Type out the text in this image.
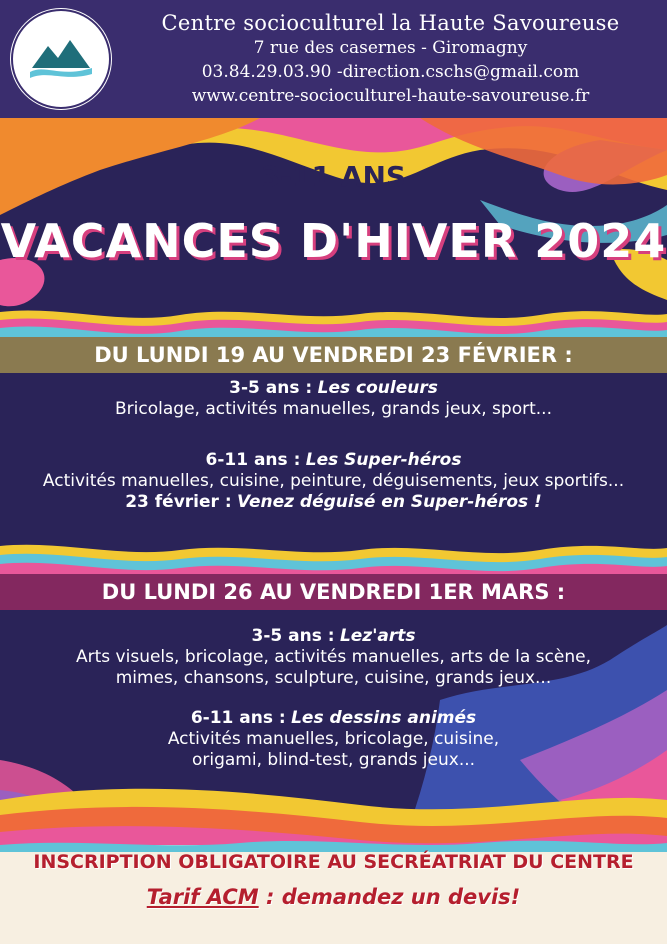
Centre socioculturel la Haute Savoureuse
7 rue des casernes - Giromagny
03.84.29.03.90 -direction.cschs@gmail.com
www.centre-socioculturel-haute-savoureuse.fr
3-11 ANS
VACANCES D'HIVER 2024
DU LUNDI 19 AU VENDREDI 23 FÉVRIER :
3-5 ans : Les couleurs
Bricolage, activités manuelles, grands jeux, sport...
6-11 ans : Les Super-héros
Activités manuelles, cuisine, peinture, déguisements, jeux sportifs...
23 février : Venez déguisé en Super-héros !
DU LUNDI 26 AU VENDREDI 1ER MARS :
3-5 ans : Lez'arts
Arts visuels, bricolage, activités manuelles, arts de la scène,
mimes, chansons, sculpture, cuisine, grands jeux...
6-11 ans : Les dessins animés
Activités manuelles, bricolage, cuisine,
origami, blind-test, grands jeux...
INSCRIPTION OBLIGATOIRE AU SECRÉATRIAT DU CENTRE
Tarif ACM : demandez un devis!
